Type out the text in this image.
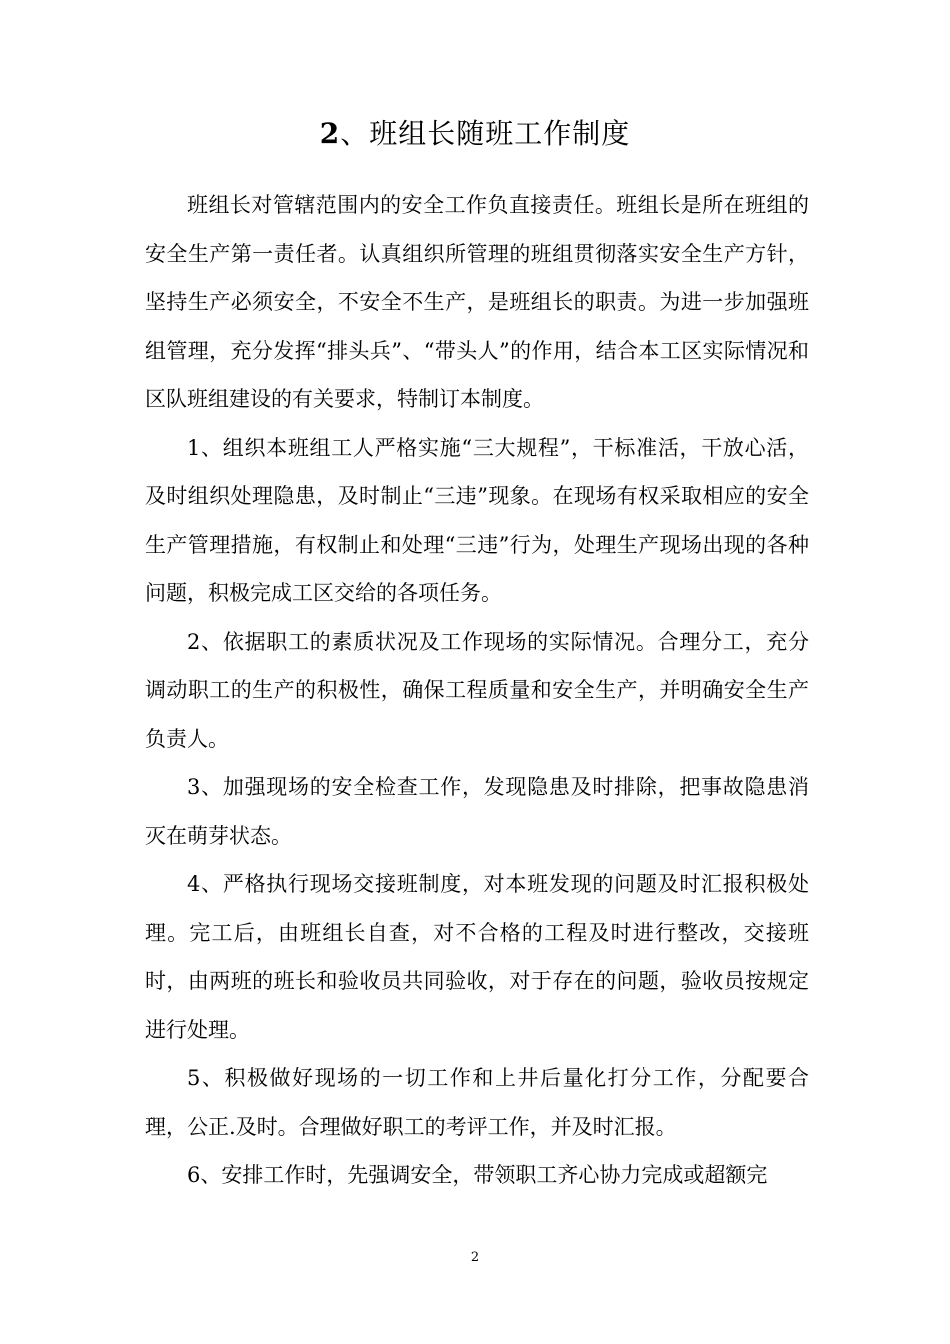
2、班组长随班工作制度

班组长对管辖范围内的安全工作负直接责任。班组长是所在班组的安全生产第一责任者。认真组织所管理的班组贯彻落实安全生产方针，坚持生产必须安全，不安全不生产，是班组长的职责。为进一步加强班组管理，充分发挥“排头兵”、“带头人”的作用，结合本工区实际情况和区队班组建设的有关要求，特制订本制度。

1、组织本班组工人严格实施“三大规程”，干标准活，干放心活，及时组织处理隐患，及时制止“三违”现象。在现场有权采取相应的安全生产管理措施，有权制止和处理“三违”行为，处理生产现场出现的各种问题，积极完成工区交给的各项任务。

2、依据职工的素质状况及工作现场的实际情况。合理分工，充分调动职工的生产的积极性，确保工程质量和安全生产，并明确安全生产负责人。

3、加强现场的安全检查工作，发现隐患及时排除，把事故隐患消灭在萌芽状态。

4、严格执行现场交接班制度，对本班发现的问题及时汇报积极处理。完工后，由班组长自查，对不合格的工程及时进行整改，交接班时，由两班的班长和验收员共同验收，对于存在的问题，验收员按规定进行处理。

5、积极做好现场的一切工作和上井后量化打分工作，分配要合理，公正.及时。合理做好职工的考评工作，并及时汇报。

6、安排工作时，先强调安全，带领职工齐心协力完成或超额完

2
